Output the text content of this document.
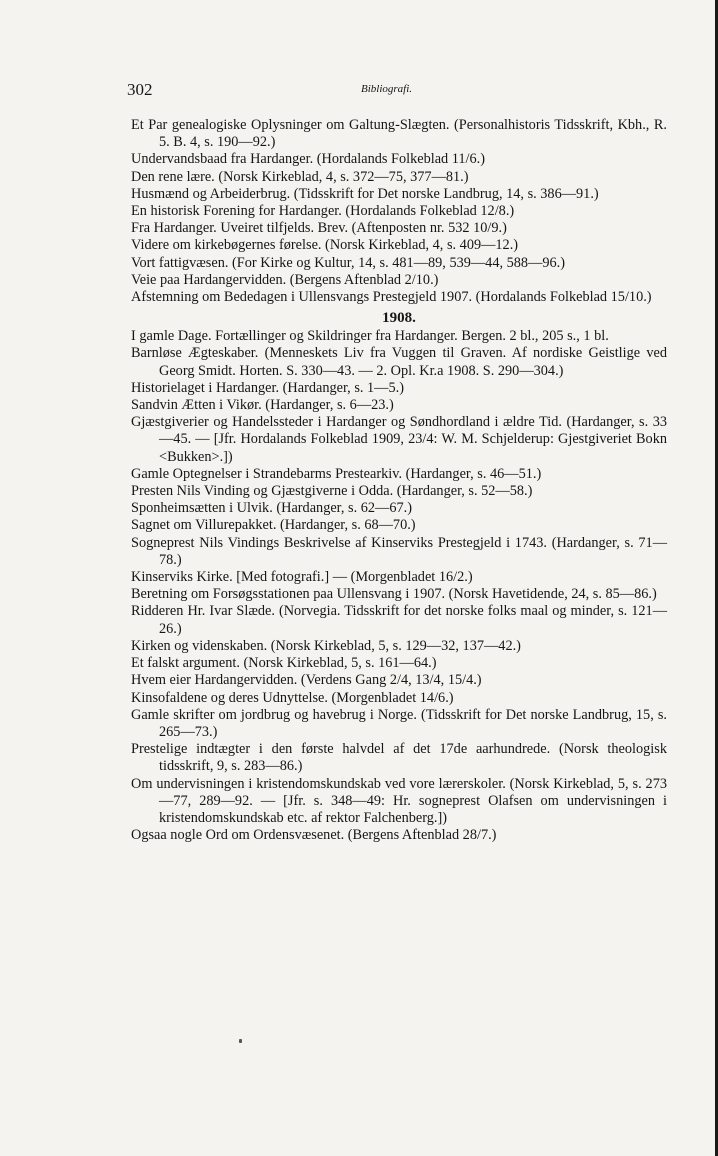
302	Bibliografi.

Et Par genealogiske Oplysninger om Galtung-Slægten. (Personalhistoris Tidsskrift, Kbh., R. 5. B. 4, s. 190—92.)

Undervandsbaad fra Hardanger. (Hordalands Folkeblad 11/6.)

Den rene lære. (Norsk Kirkeblad, 4, s. 372—75, 377—81.)

Husmænd og Arbeiderbrug. (Tidsskrift for Det norske Landbrug, 14, s. 386—91.)

En historisk Forening for Hardanger. (Hordalands Folkeblad 12/8.)

Fra Hardanger. Uveiret tilfjelds. Brev. (Aftenposten nr. 532 10/9.)

Videre om kirkebøgernes førelse. (Norsk Kirkeblad, 4, s. 409—12.)

Vort fattigvæsen. (For Kirke og Kultur, 14, s. 481—89, 539—44, 588—96.)

Veie paa Hardangervidden. (Bergens Aftenblad 2/10.)

Afstemning om Bededagen i Ullensvangs Prestegjeld 1907. (Hordalands Folkeblad 15/10.)

1908.

I gamle Dage. Fortællinger og Skildringer fra Hardanger. Bergen. 2 bl., 205 s., 1 bl.

Barnløse Ægteskaber. (Menneskets Liv fra Vuggen til Graven. Af nordiske Geistlige ved Georg Smidt. Horten. S. 330—43. — 2. Opl. Kr.a 1908. S. 290—304.)

Historielaget i Hardanger. (Hardanger, s. 1—5.)

Sandvin Ætten i Vikør. (Hardanger, s. 6—23.)

Gjæstgiverier og Handelssteder i Hardanger og Søndhordland i ældre Tid. (Hardanger, s. 33—45. — [Jfr. Hordalands Folkeblad 1909, 23/4: W. M. Schjelderup: Gjestgiveriet Bokn <Bukken>.])

Gamle Optegnelser i Strandebarms Prestearkiv. (Hardanger, s. 46—51.)

Presten Nils Vinding og Gjæstgiverne i Odda. (Hardanger, s. 52—58.)

Sponheimsætten i Ulvik. (Hardanger, s. 62—67.)

Sagnet om Villurepakket. (Hardanger, s. 68—70.)

Sogneprest Nils Vindings Beskrivelse af Kinserviks Prestegjeld i 1743. (Hardanger, s. 71—78.)

Kinserviks Kirke. [Med fotografi.] — (Morgenbladet 16/2.)

Beretning om Forsøgsstationen paa Ullensvang i 1907. (Norsk Havetidende, 24, s. 85—86.)

Ridderen Hr. Ivar Slæde. (Norvegia. Tidsskrift for det norske folks maal og minder, s. 121—26.)

Kirken og videnskaben. (Norsk Kirkeblad, 5, s. 129—32, 137—42.)

Et falskt argument. (Norsk Kirkeblad, 5, s. 161—64.)

Hvem eier Hardangervidden. (Verdens Gang 2/4, 13/4, 15/4.)

Kinsofaldene og deres Udnyttelse. (Morgenbladet 14/6.)

Gamle skrifter om jordbrug og havebrug i Norge. (Tidsskrift for Det norske Landbrug, 15, s. 265—73.)

Prestelige indtægter i den første halvdel af det 17de aarhundrede. (Norsk theologisk tidsskrift, 9, s. 283—86.)

Om undervisningen i kristendomskundskab ved vore lærerskoler. (Norsk Kirkeblad, 5, s. 273—77, 289—92. — [Jfr. s. 348—49: Hr. sogneprest Olafsen om undervisningen i kristendomskundskab etc. af rektor Falchenberg.])

Ogsaa nogle Ord om Ordensvæsenet. (Bergens Aftenblad 28/7.)
